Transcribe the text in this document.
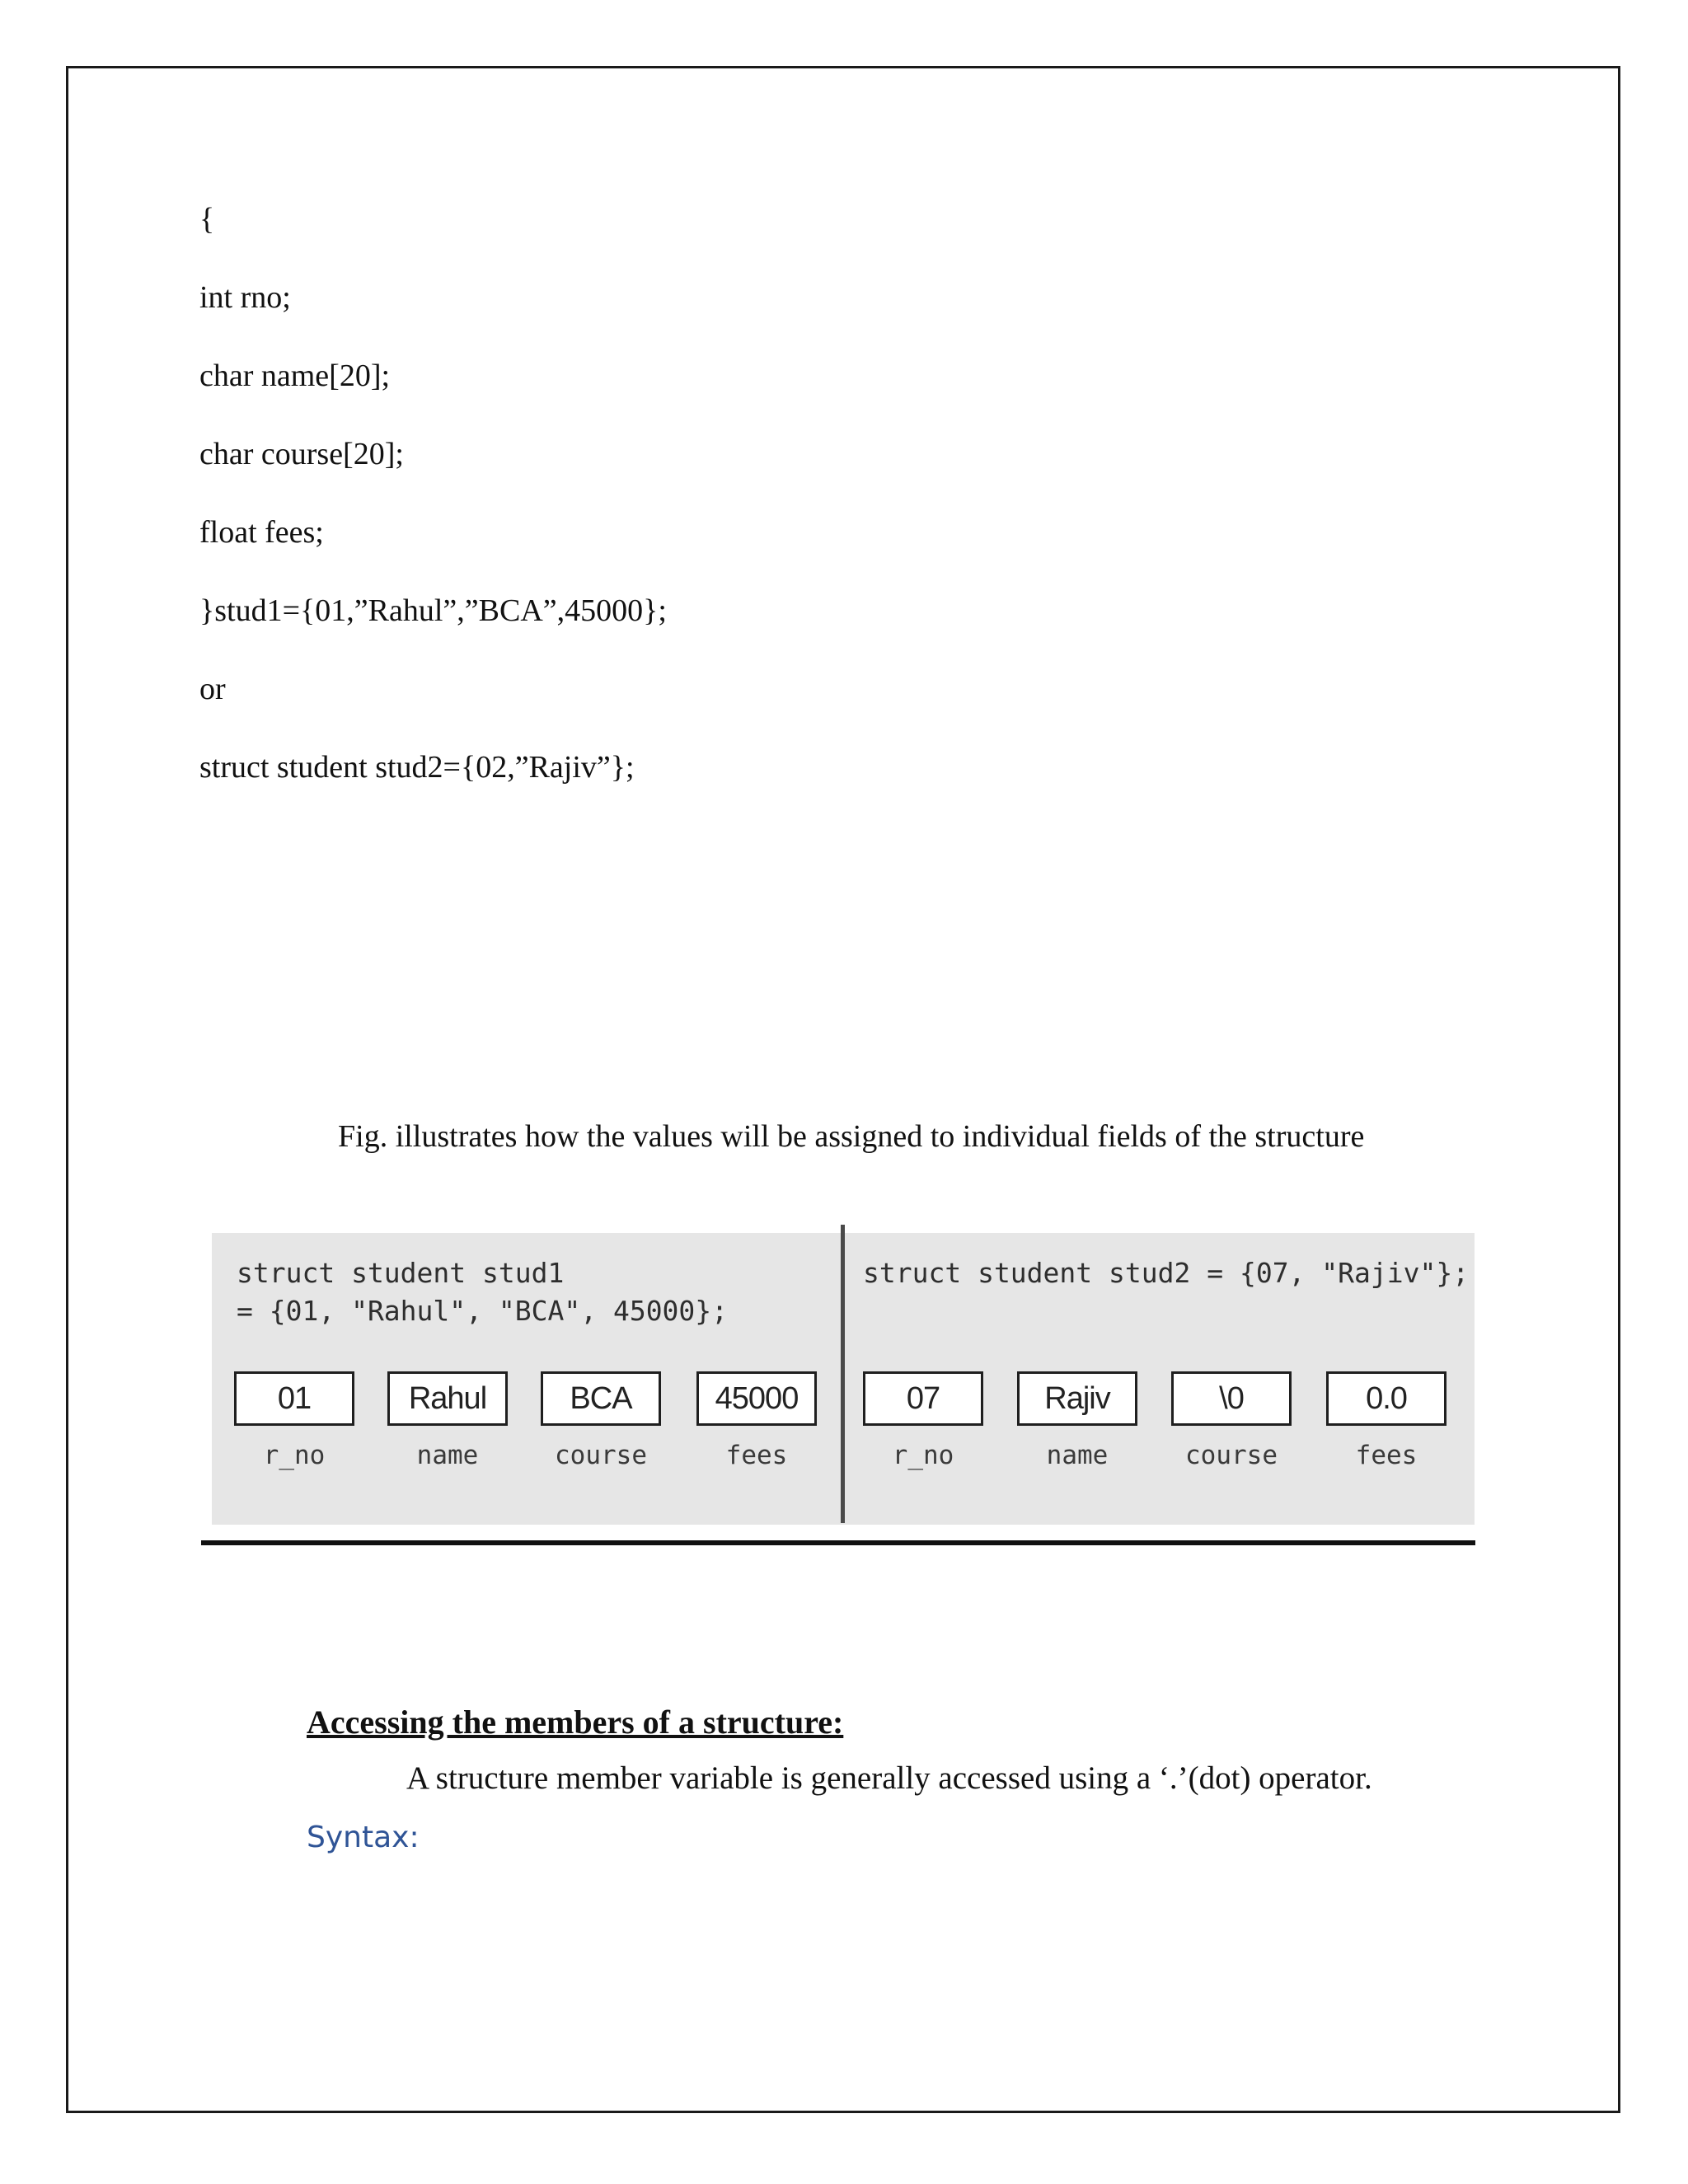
{

int rno;

char name[20];

char course[20];

float fees;

}stud1={01,”Rahul”,”BCA”,45000};

or

struct student stud2={02,”Rajiv”};

Fig. illustrates how the values will be assigned to individual fields of the structure

struct student stud1
= {01, "Rahul", "BCA", 45000};
01
r_no
Rahul
name
BCA
course
45000
fees
struct student stud2 = {07, "Rajiv"};
07
r_no
Rajiv
name
\0
course
0.0
fees

Accessing the members of a structure:

A structure member variable is generally accessed using a ‘.’(dot) operator.

Syntax:
